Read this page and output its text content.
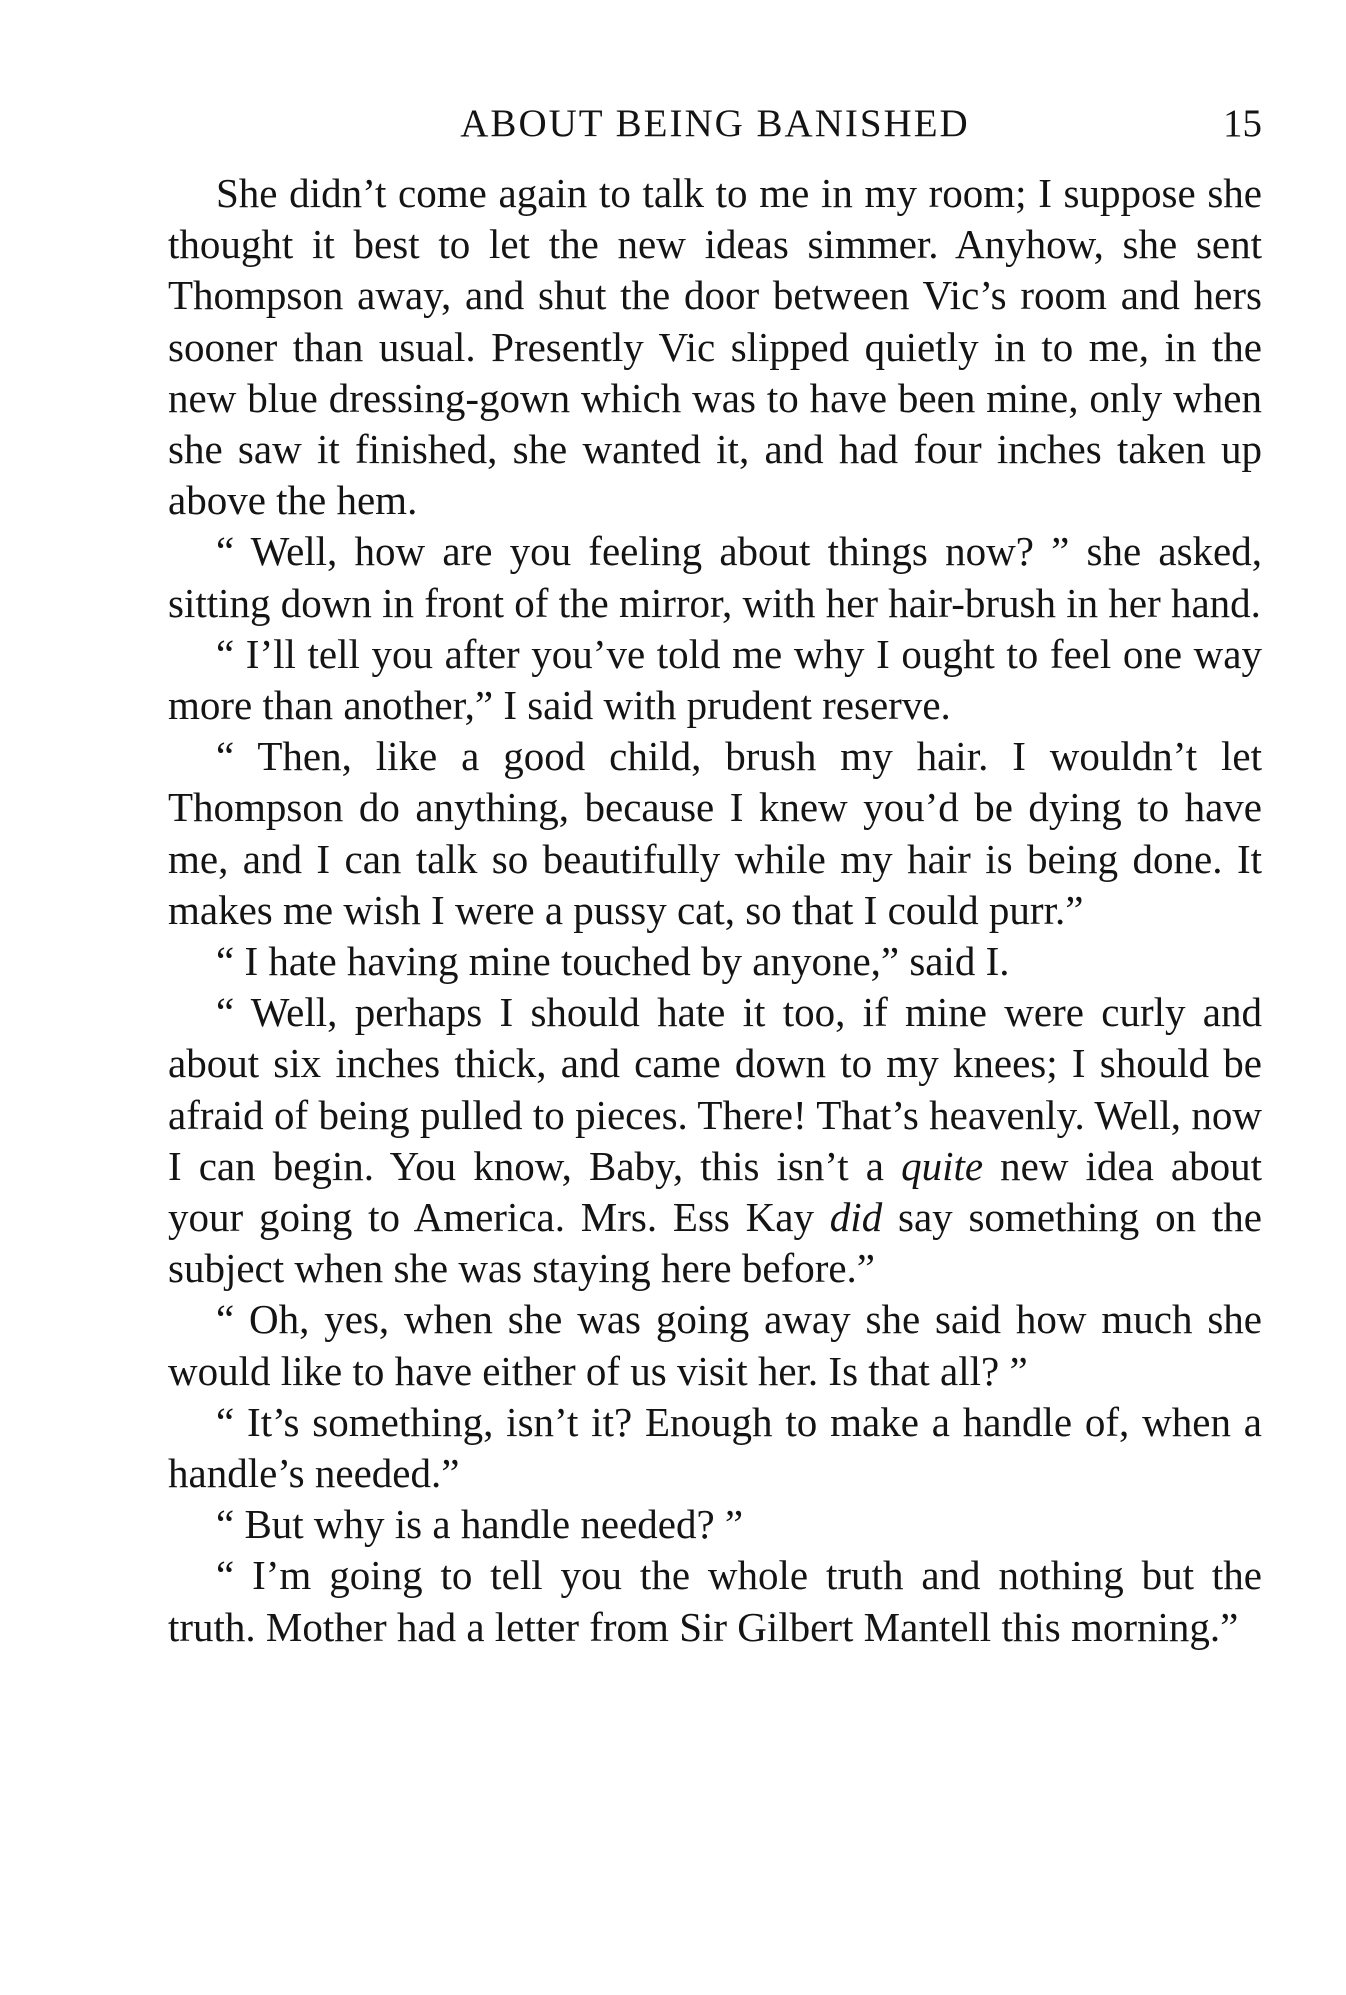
ABOUT BEING BANISHED	15

She didn’t come again to talk to me in my room; I suppose she thought it best to let the new ideas simmer. Anyhow, she sent Thompson away, and shut the door between Vic’s room and hers sooner than usual. Presently Vic slipped quietly in to me, in the new blue dressing-gown which was to have been mine, only when she saw it finished, she wanted it, and had four inches taken up above the hem.

“ Well, how are you feeling about things now? ” she asked, sitting down in front of the mirror, with her hair-brush in her hand.

“ I’ll tell you after you’ve told me why I ought to feel one way more than another,” I said with prudent reserve.

“ Then, like a good child, brush my hair. I wouldn’t let Thompson do anything, because I knew you’d be dying to have me, and I can talk so beautifully while my hair is being done. It makes me wish I were a pussy cat, so that I could purr.”

“ I hate having mine touched by anyone,” said I.

“ Well, perhaps I should hate it too, if mine were curly and about six inches thick, and came down to my knees; I should be afraid of being pulled to pieces. There! That’s heavenly. Well, now I can begin. You know, Baby, this isn’t a quite new idea about your going to America. Mrs. Ess Kay did say something on the subject when she was staying here before.”

“ Oh, yes, when she was going away she said how much she would like to have either of us visit her. Is that all? ”

“ It’s something, isn’t it? Enough to make a handle of, when a handle’s needed.”

“ But why is a handle needed? ”

“ I’m going to tell you the whole truth and nothing but the truth. Mother had a letter from Sir Gilbert Mantell this morning.”
